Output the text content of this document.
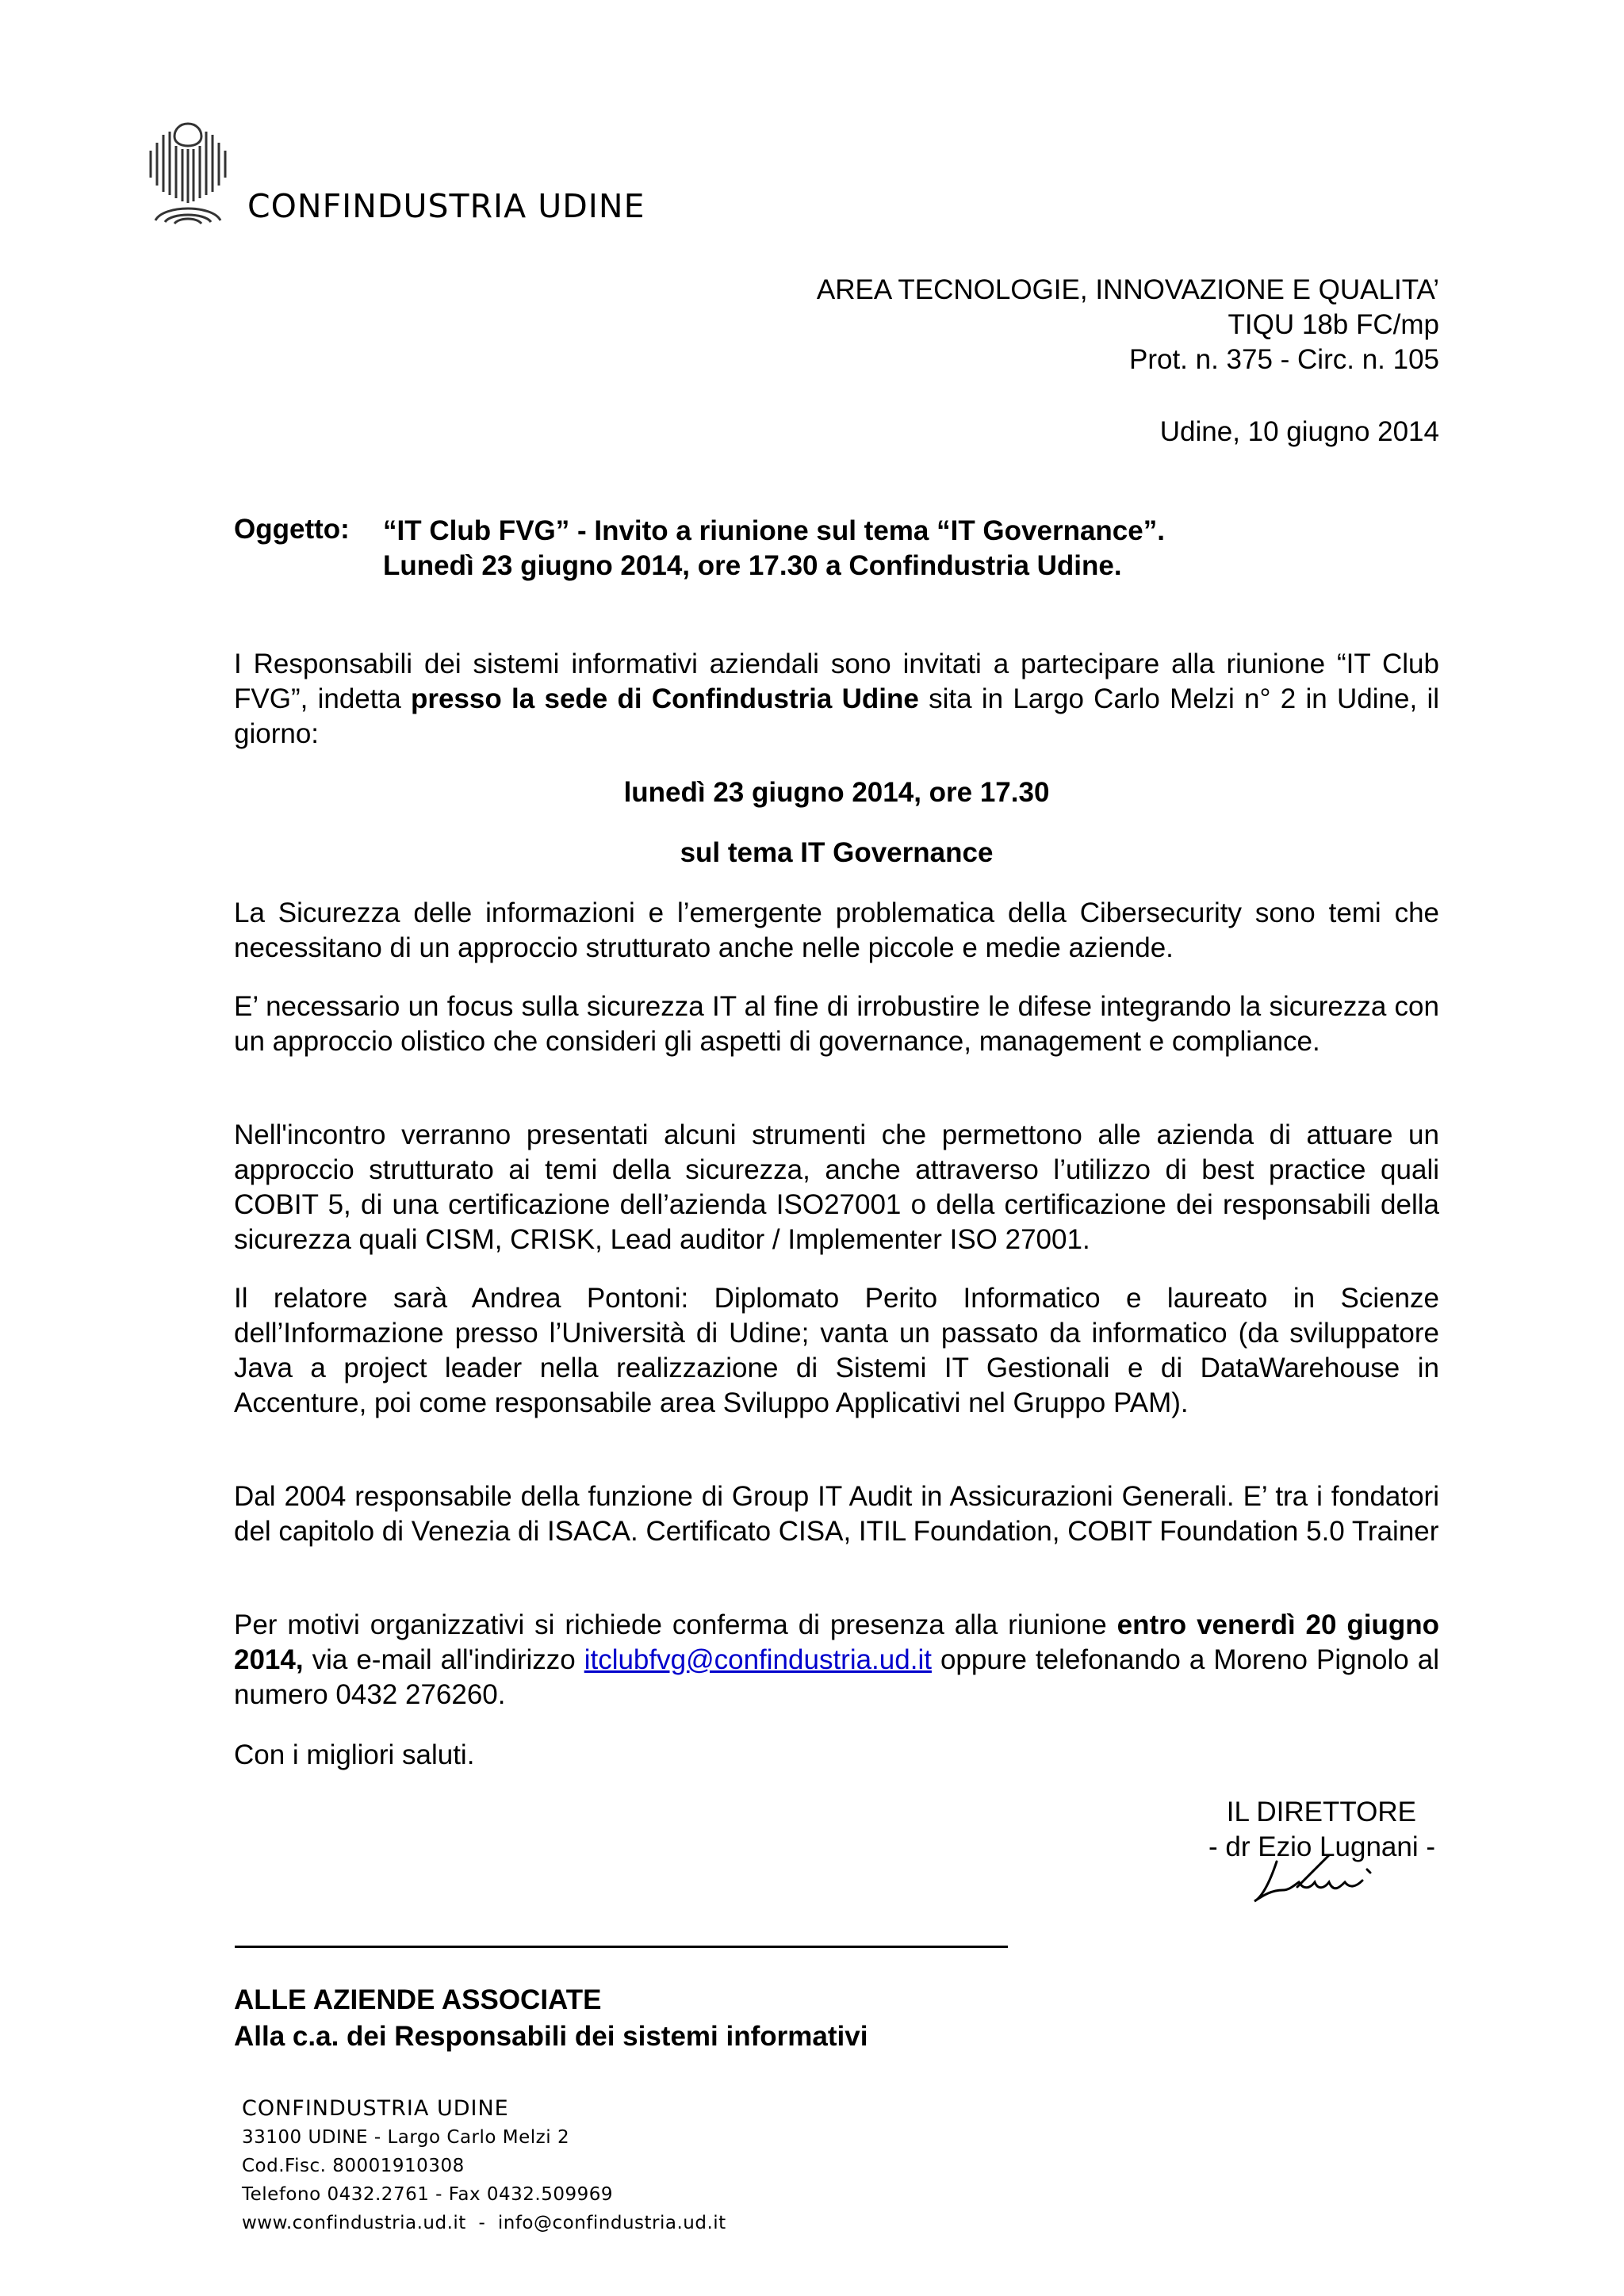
CONFINDUSTRIA UDINE
AREA TECNOLOGIE, INNOVAZIONE E QUALITA’
TIQU 18b FC/mp
Prot. n. 375 - Circ. n. 105
Udine, 10 giugno 2014
Oggetto: “IT Club FVG” - Invito a riunione sul tema “IT Governance”.
Lunedì 23 giugno 2014, ore 17.30 a Confindustria Udine.
I Responsabili dei sistemi informativi aziendali sono invitati a partecipare alla riunione “IT Club FVG”, indetta presso la sede di Confindustria Udine sita in Largo Carlo Melzi n° 2 in Udine, il giorno:
lunedì 23 giugno 2014, ore 17.30
sul tema IT Governance
La Sicurezza delle informazioni e l’emergente problematica della Cibersecurity sono temi che necessitano di un approccio strutturato anche nelle piccole e medie aziende.
E’ necessario un focus sulla sicurezza IT al fine di irrobustire le difese integrando la sicurezza con un approccio olistico che consideri gli aspetti di governance, management e compliance.
Nell'incontro verranno presentati alcuni strumenti che permettono alle azienda di attuare un approccio strutturato ai temi della sicurezza, anche attraverso l’utilizzo di best practice quali COBIT 5, di una certificazione dell’azienda ISO27001 o della certificazione dei responsabili della sicurezza quali CISM, CRISK, Lead auditor / Implementer ISO 27001.
Il relatore sarà Andrea Pontoni: Diplomato Perito Informatico e laureato in Scienze dell’Informazione presso l’Università di Udine; vanta un passato da informatico (da sviluppatore Java a project leader nella realizzazione di Sistemi IT Gestionali e di DataWarehouse in Accenture, poi come responsabile area Sviluppo Applicativi nel Gruppo PAM).
Dal 2004 responsabile della funzione di Group IT Audit in Assicurazioni Generali. E’ tra i fondatori del capitolo di Venezia di ISACA. Certificato CISA, ITIL Foundation, COBIT Foundation 5.0 Trainer
Per motivi organizzativi si richiede conferma di presenza alla riunione entro venerdì 20 giugno 2014, via e-mail all'indirizzo itclubfvg@confindustria.ud.it oppure telefonando a Moreno Pignolo al numero 0432 276260.
Con i migliori saluti.
IL DIRETTORE
- dr Ezio Lugnani -
ALLE AZIENDE ASSOCIATE
Alla c.a. dei Responsabili dei sistemi informativi
CONFINDUSTRIA UDINE
33100 UDINE - Largo Carlo Melzi 2
Cod.Fisc. 80001910308
Telefono 0432.2761 - Fax 0432.509969
www.confindustria.ud.it  -  info@confindustria.ud.it
